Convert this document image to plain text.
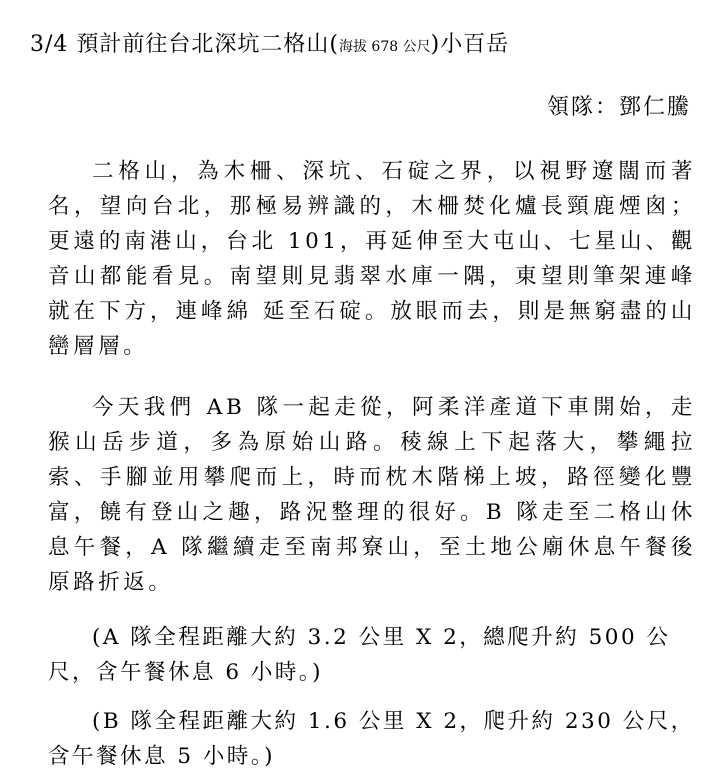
3/4 預計前往台北深坑二格山(海拔 678 公尺)小百岳
領隊：鄧仁騰

二格山，為木柵、深坑、石碇之界，以視野遼闊而著名，望向台北，那極易辨識的，木柵焚化爐長頸鹿煙囪；更遠的南港山，台北 101，再延伸至大屯山、七星山、觀音山都能看見。南望則見翡翠水庫一隅，東望則筆架連峰就在下方，連峰綿 延至石碇。放眼而去，則是無窮盡的山巒層層。

今天我們 AB 隊一起走從，阿柔洋產道下車開始，走猴山岳步道，多為原始山路。稜線上下起落大，攀繩拉索、手腳並用攀爬而上，時而枕木階梯上坡，路徑變化豐富，饒有登山之趣，路況整理的很好。B 隊走至二格山休息午餐，A 隊繼續走至南邦寮山，至土地公廟休息午餐後原路折返。

(A 隊全程距離大約 3.2 公里 X 2，總爬升約 500 公尺，含午餐休息 6 小時。)

(B 隊全程距離大約 1.6 公里 X 2，爬升約 230 公尺，含午餐休息 5 小時。)
